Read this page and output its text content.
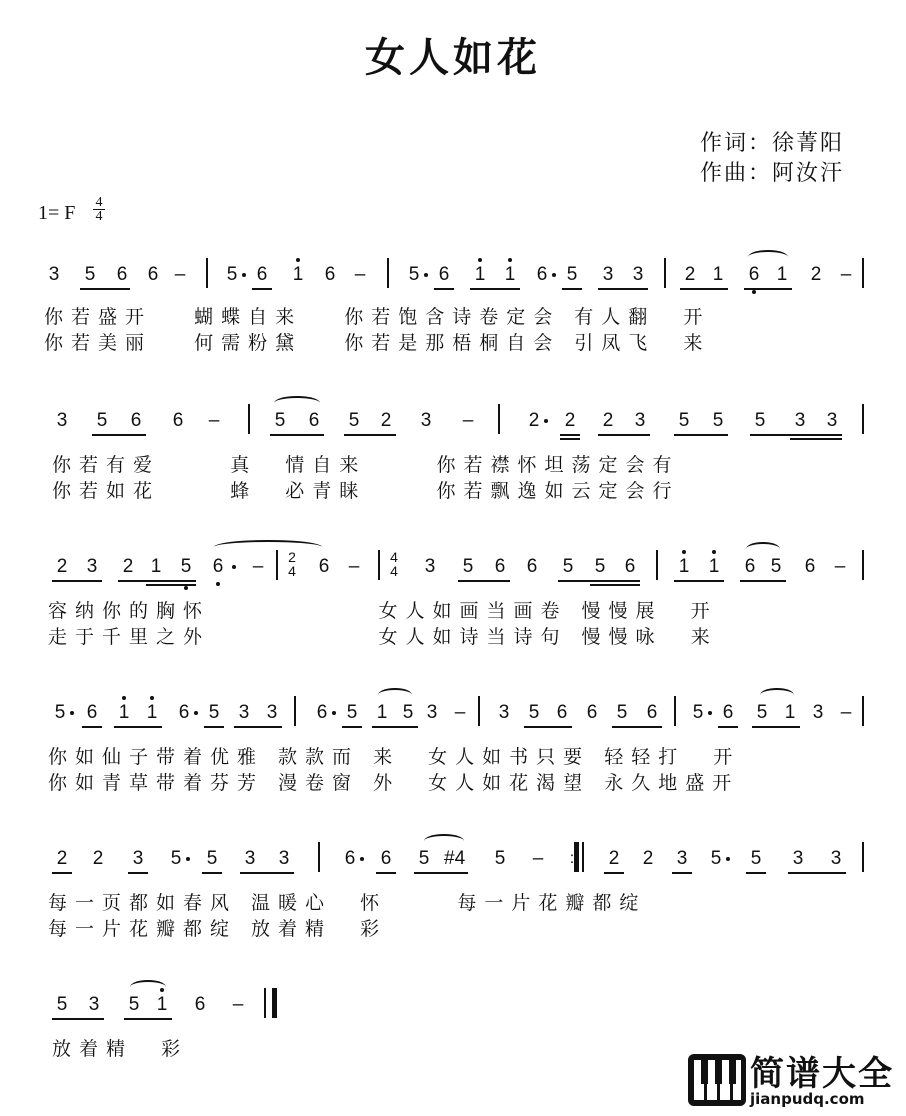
女人如花
作词：徐菁阳
作曲：阿汝汗
1= F 4
4
3 5 6 6 – 5 6 1 6 – 5 6 1 1 6 5 3 3 2 1 6 1 2 –
你若盛开   蝴蝶自来   你若饱含诗卷定会 有人翻  开
你若美丽   何需粉黛   你若是那梧桐自会 引凤飞  来
3 5 6 6 –	5 6 5 2 3 –	2 2 2 3 5 5 5 3 3
你若有爱     真  情自来     你若襟怀坦荡定会有
你若如花     蜂  必青睐     你若飘逸如云定会行
2 3 2 1 5 6 –	2
4	6 –	4
4	3 5 6 6 5 5 6 1 1 6 5 6 –
容纳你的胸怀            女人如画当画卷 慢慢展  开
走于千里之外            女人如诗当诗句 慢慢咏  来
5 6 1 1 6 5 3 3 6 5 1 5 3 – 3 5 6 6 5 6 5 6 5 1 3 –
你如仙子带着优雅 款款而 来  女人如书只要 轻轻打  开
你如青草带着芬芳 漫卷窗 外  女人如花渴望 永久地盛开
2 2 3 5 5 3 3	6 6 5 #4 5 –	:	2 2 3 5 5 3 3
每一页都如春风 温暖心  怀     每一片花瓣都绽
每一片花瓣都绽 放着精  彩
5 3 5 1 6 –
放着精  彩
简谱大全
jianpudq.com
